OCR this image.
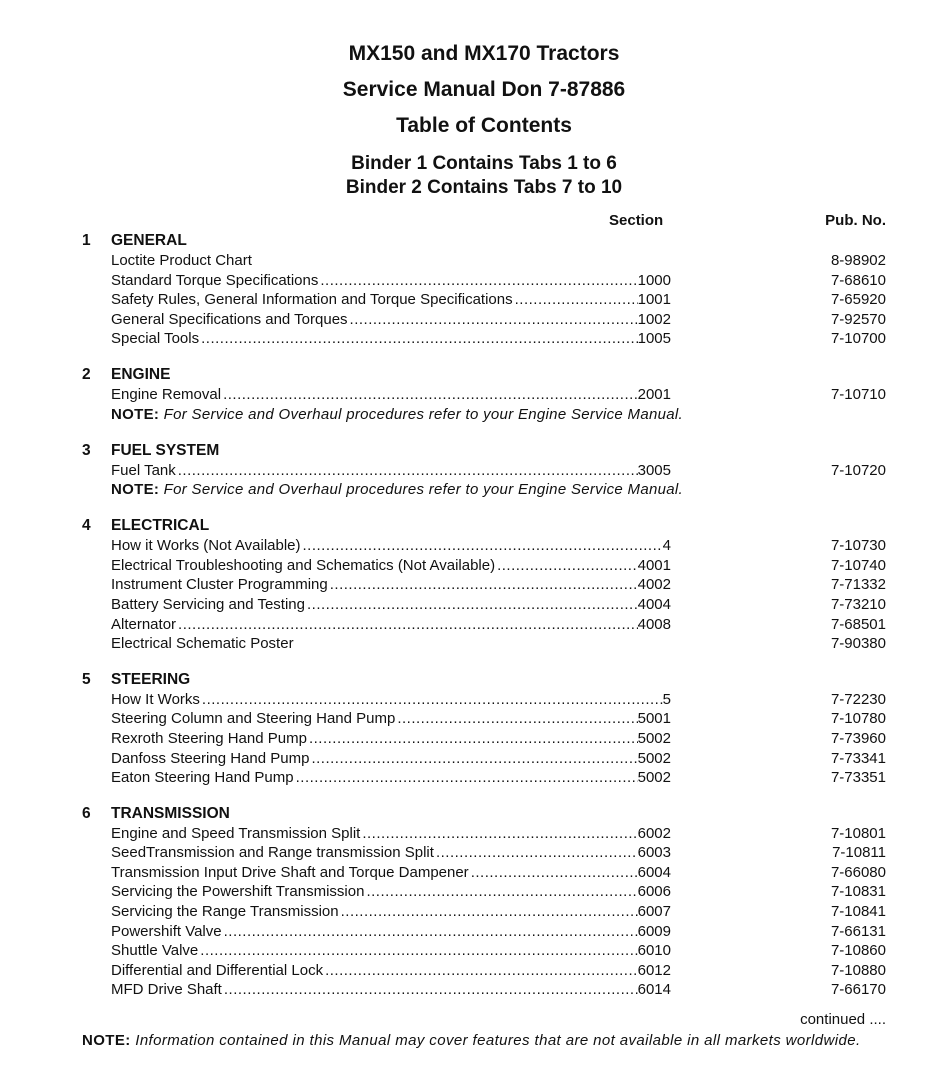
MX150 and MX170 Tractors
Service Manual Don 7-87886
Table of Contents
Binder 1 Contains Tabs 1 to 6
Binder 2 Contains Tabs 7 to 10
Section	Pub. No.
1 GENERAL
Loctite Product Chart	8-98902
Standard Torque Specifications .....	1000	7-68610
Safety Rules, General Information and Torque Specifications .....	1001	7-65920
General Specifications and Torques .....	1002	7-92570
Special Tools .....	1005	7-10700
2 ENGINE
Engine Removal .....	2001	7-10710
NOTE: For Service and Overhaul procedures refer to your Engine Service Manual.
3 FUEL SYSTEM
Fuel Tank .....	3005	7-10720
NOTE: For Service and Overhaul procedures refer to your Engine Service Manual.
4 ELECTRICAL
How it Works (Not Available) .....	4	7-10730
Electrical Troubleshooting and Schematics (Not Available) .....	4001	7-10740
Instrument Cluster Programming .....	4002	7-71332
Battery Servicing and Testing .....	4004	7-73210
Alternator .....	4008	7-68501
Electrical Schematic Poster	7-90380
5 STEERING
How It Works .....	5	7-72230
Steering Column and Steering Hand Pump .....	5001	7-10780
Rexroth Steering Hand Pump .....	5002	7-73960
Danfoss Steering Hand Pump .....	5002	7-73341
Eaton Steering Hand Pump .....	5002	7-73351
6 TRANSMISSION
Engine and Speed Transmission Split .....	6002	7-10801
SeedTransmission and Range transmission Split .....	6003	7-10811
Transmission Input Drive Shaft and Torque Dampener .....	6004	7-66080
Servicing the Powershift Transmission .....	6006	7-10831
Servicing the Range Transmission .....	6007	7-10841
Powershift Valve .....	6009	7-66131
Shuttle Valve .....	6010	7-10860
Differential and Differential Lock .....	6012	7-10880
MFD Drive Shaft .....	6014	7-66170
continued ....
NOTE: Information contained in this Manual may cover features that are not available in all markets worldwide.
